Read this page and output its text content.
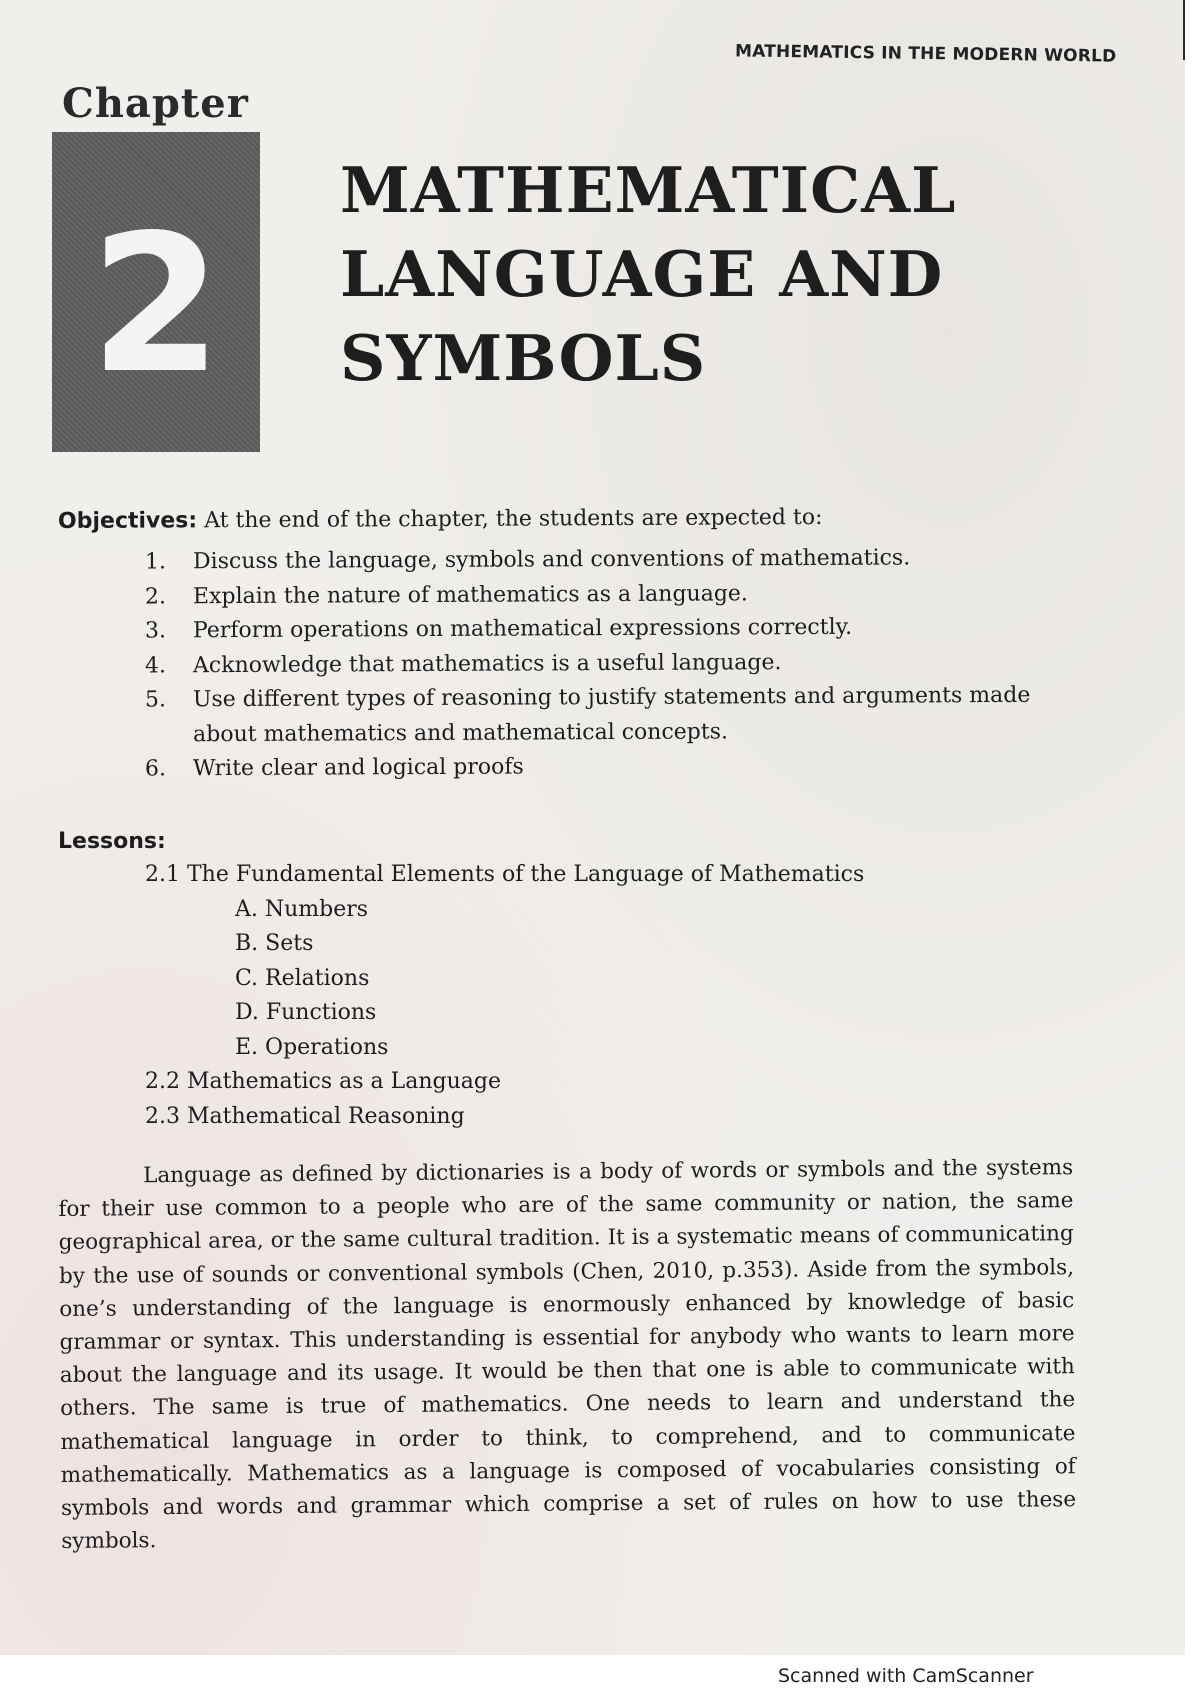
MATHEMATICS IN THE MODERN WORLD
Chapter
2
MATHEMATICAL
LANGUAGE AND
SYMBOLS
Objectives: At the end of the chapter, the students are expected to:
1.	Discuss the language, symbols and conventions of mathematics.
2.	Explain the nature of mathematics as a language.
3.	Perform operations on mathematical expressions correctly.
4.	Acknowledge that mathematics is a useful language.
5.	Use different types of reasoning to justify statements and arguments made about mathematics and mathematical concepts.
6.	Write clear and logical proofs
Lessons:
2.1 The Fundamental Elements of the Language of Mathematics
A. Numbers
B. Sets
C. Relations
D. Functions
E. Operations
2.2 Mathematics as a Language
2.3 Mathematical Reasoning

Language as defined by dictionaries is a body of words or symbols and the systems for their use common to a people who are of the same community or nation, the same geographical area, or the same cultural tradition. It is a systematic means of communicating by the use of sounds or conventional symbols (Chen, 2010, p.353). Aside from the symbols, one’s understanding of the language is enormously enhanced by knowledge of basic grammar or syntax. This understanding is essential for anybody who wants to learn more about the language and its usage. It would be then that one is able to communicate with others. The same is true of mathematics. One needs to learn and understand the mathematical language in order to think, to comprehend, and to communicate mathematically. Mathematics as a language is composed of vocabularies consisting of symbols and words and grammar which comprise a set of rules on how to use these symbols.

Scanned with CamScanner
